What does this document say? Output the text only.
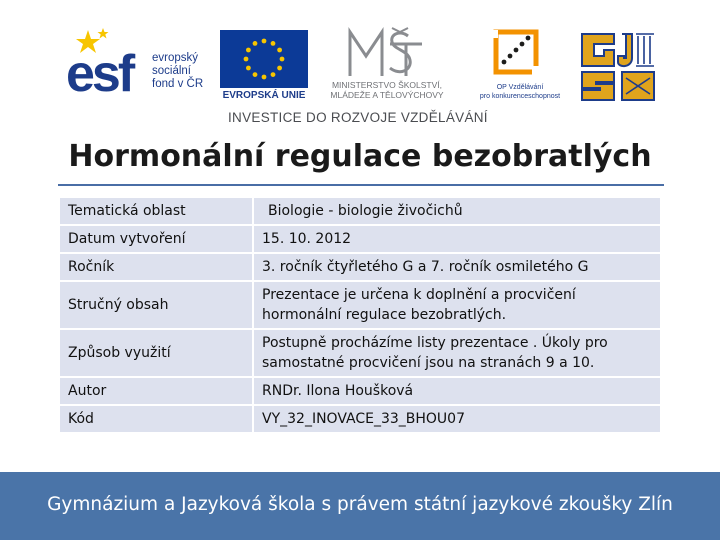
esf evropský
sociální
fond v ČR
EVROPSKÁ UNIE
MINISTERSTVO ŠKOLSTVÍ,
MLÁDEŽE A TĚLOVÝCHOVY
OP Vzdělávání
pro konkurenceschopnost
INVESTICE DO ROZVOJE VZDĚLÁVÁNÍ
Hormonální regulace bezobratlých
Tematická oblast	Biologie - biologie živočichů
Datum vytvoření	15. 10. 2012
Ročník	3. ročník čtyřletého G a 7. ročník osmiletého G
Stručný obsah	Prezentace je určena k doplnění a procvičení hormonální regulace bezobratlých.
Způsob využití	Postupně procházíme listy prezentace . Úkoly pro samostatné procvičení jsou na stranách 9 a 10.
Autor	RNDr. Ilona Houšková
Kód	VY_32_INOVACE_33_BHOU07
Gymnázium a Jazyková škola s právem státní jazykové zkoušky Zlín
